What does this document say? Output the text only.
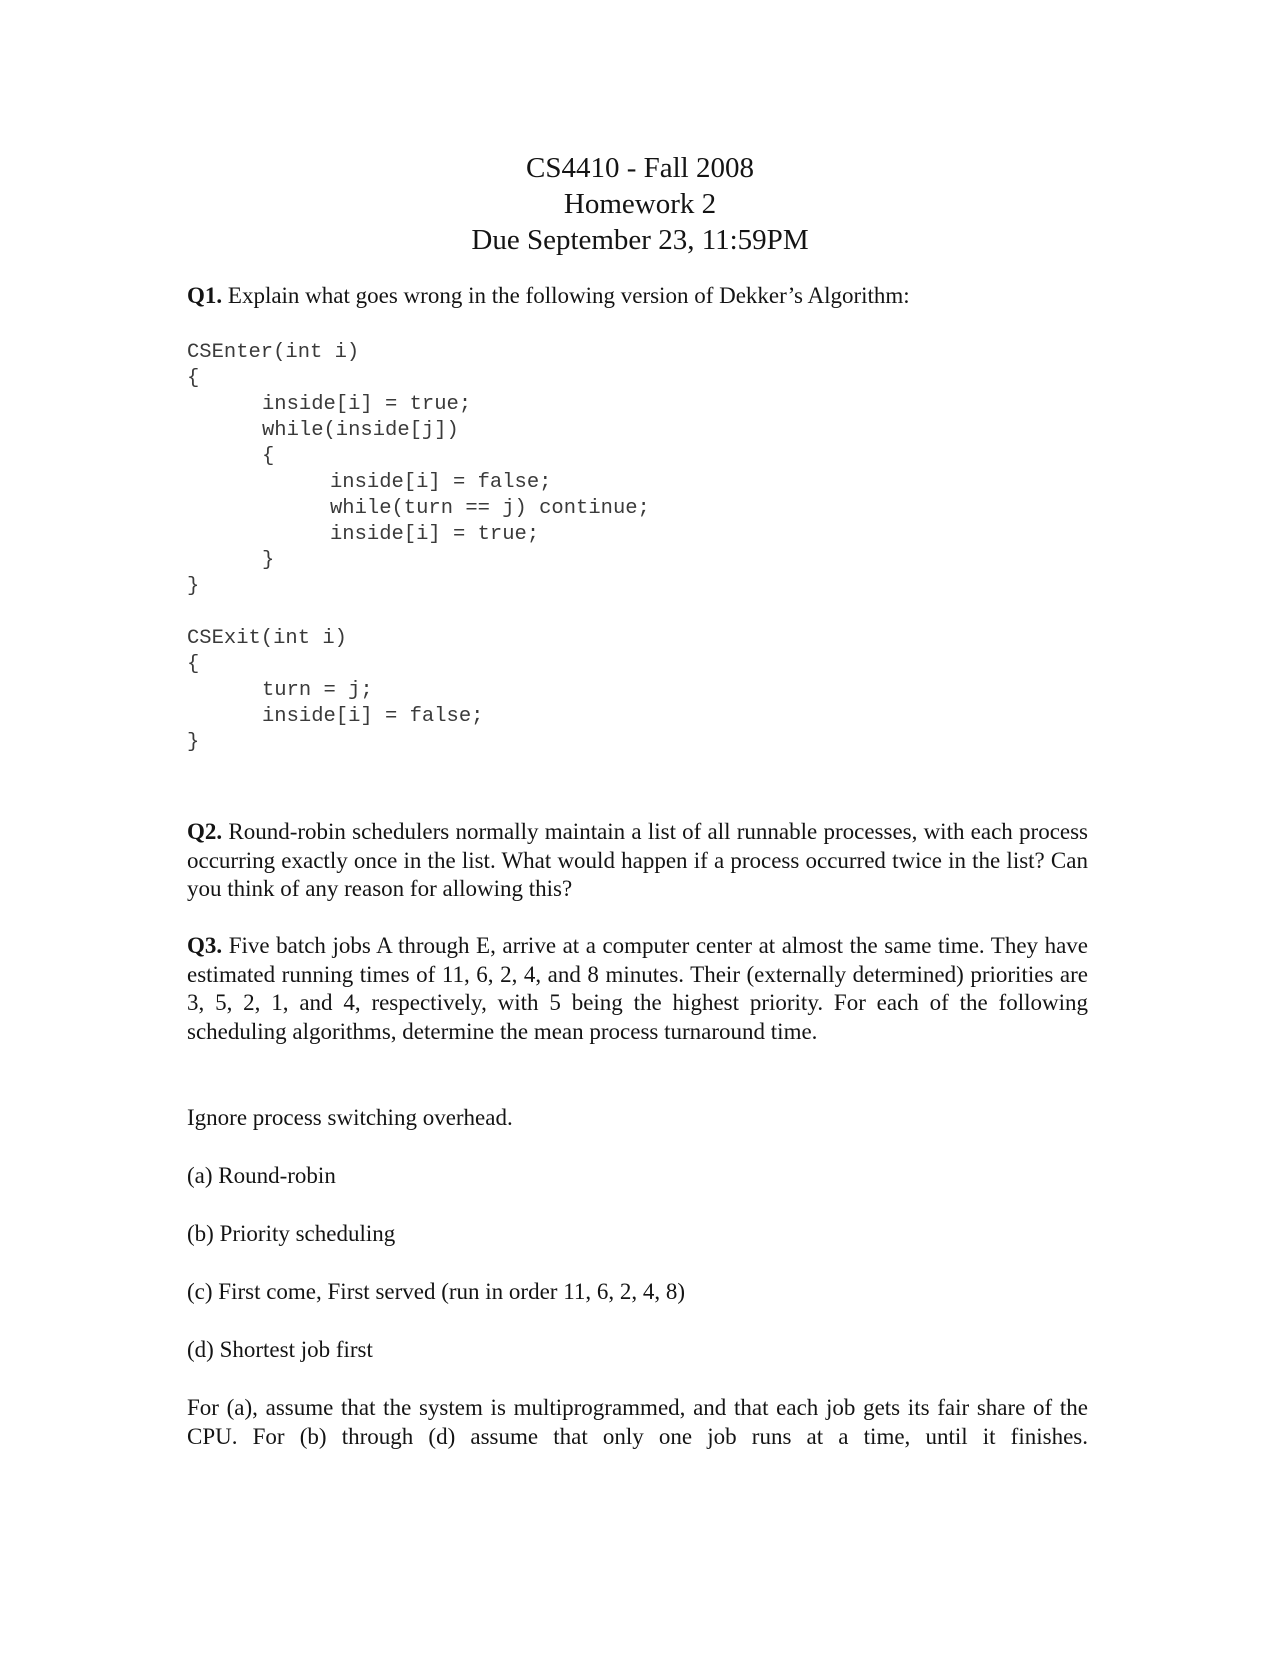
CS4410 - Fall 2008
Homework 2
Due September 23, 11:59PM
Q1. Explain what goes wrong in the following version of Dekker’s Algorithm:
CSEnter(int i)
{
inside[i] = true;
while(inside[j])
{
inside[i] = false;
while(turn == j) continue;
inside[i] = true;
}
}
CSExit(int i)
{
turn = j;
inside[i] = false;
}
Q2. Round-robin schedulers normally maintain a list of all runnable processes, with each process occurring exactly once in the list. What would happen if a process occurred twice in the list? Can you think of any reason for allowing this?
Q3. Five batch jobs A through E, arrive at a computer center at almost the same time. They have estimated running times of 11, 6, 2, 4, and 8 minutes. Their (externally determined) priorities are 3, 5, 2, 1, and 4, respectively, with 5 being the highest priority. For each of the following scheduling algorithms, determine the mean process turnaround time.
Ignore process switching overhead.
(a) Round-robin
(b) Priority scheduling
(c) First come, First served (run in order 11, 6, 2, 4, 8)
(d) Shortest job first
For (a), assume that the system is multiprogrammed, and that each job gets its fair share of the CPU. For (b) through (d) assume that only one job runs at a time, until it finishes.
